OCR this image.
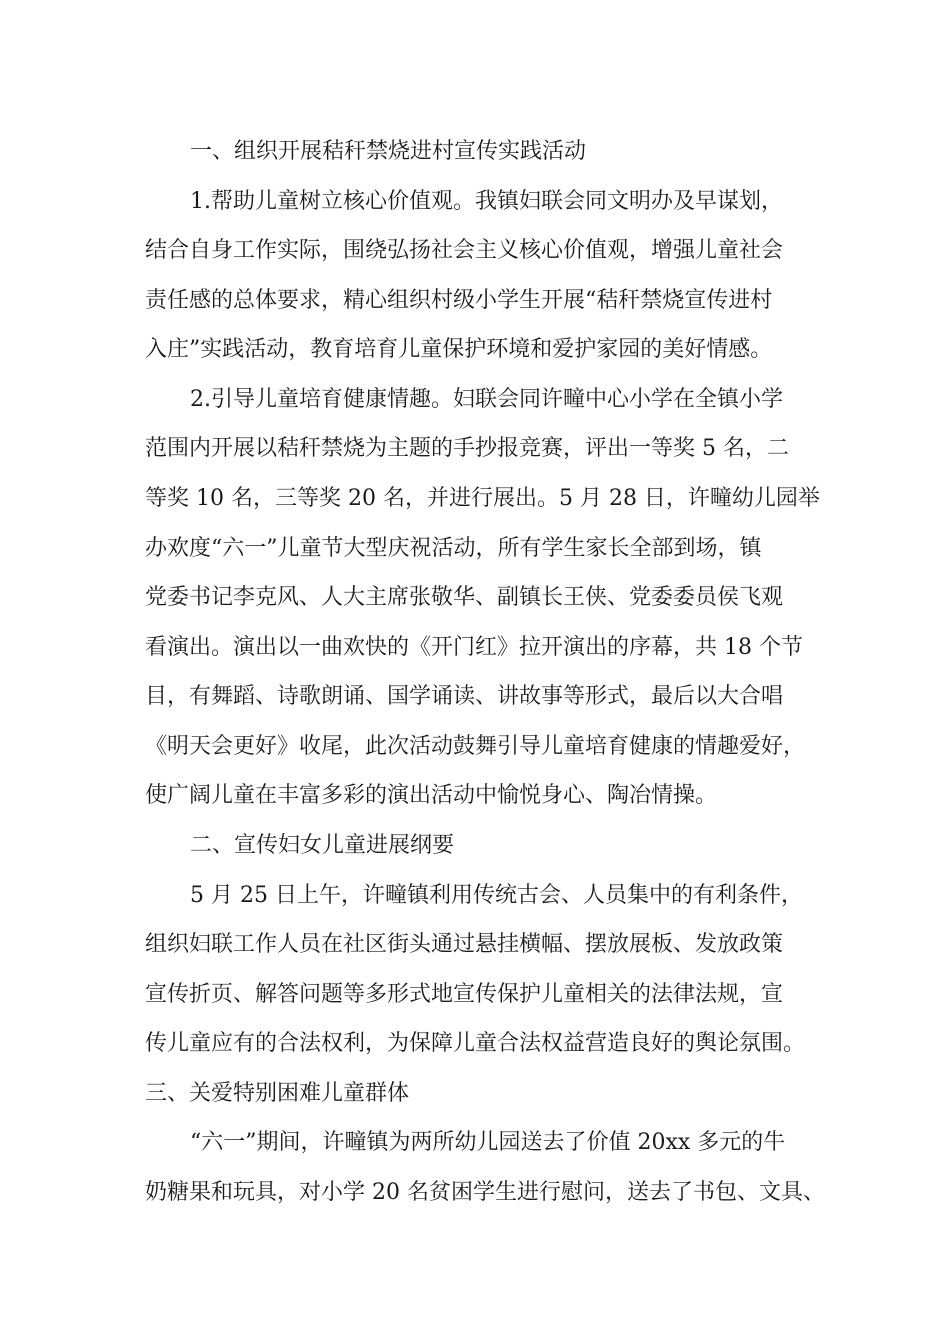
一、组织开展秸秆禁烧进村宣传实践活动
1.帮助儿童树立核心价值观。我镇妇联会同文明办及早谋划，
结合自身工作实际，围绕弘扬社会主义核心价值观，增强儿童社会
责任感的总体要求，精心组织村级小学生开展“秸秆禁烧宣传进村
入庄”实践活动，教育培育儿童保护环境和爱护家园的美好情感。
2.引导儿童培育健康情趣。妇联会同许疃中心小学在全镇小学
范围内开展以秸秆禁烧为主题的手抄报竞赛，评出一等奖 5 名，二
等奖 10 名，三等奖 20 名，并进行展出。5 月 28 日，许疃幼儿园举
办欢度“六一”儿童节大型庆祝活动，所有学生家长全部到场，镇
党委书记李克风、人大主席张敬华、副镇长王侠、党委委员侯飞观
看演出。演出以一曲欢快的《开门红》拉开演出的序幕，共 18 个节
目，有舞蹈、诗歌朗诵、国学诵读、讲故事等形式，最后以大合唱
《明天会更好》收尾，此次活动鼓舞引导儿童培育健康的情趣爱好，
使广阔儿童在丰富多彩的演出活动中愉悦身心、陶冶情操。
二、宣传妇女儿童进展纲要
5 月 25 日上午，许疃镇利用传统古会、人员集中的有利条件，
组织妇联工作人员在社区街头通过悬挂横幅、摆放展板、发放政策
宣传折页、解答问题等多形式地宣传保护儿童相关的法律法规，宣
传儿童应有的合法权利，为保障儿童合法权益营造良好的舆论氛围。
三、关爱特别困难儿童群体
“六一”期间，许疃镇为两所幼儿园送去了价值 20xx 多元的牛
奶糖果和玩具，对小学 20 名贫困学生进行慰问，送去了书包、文具、
